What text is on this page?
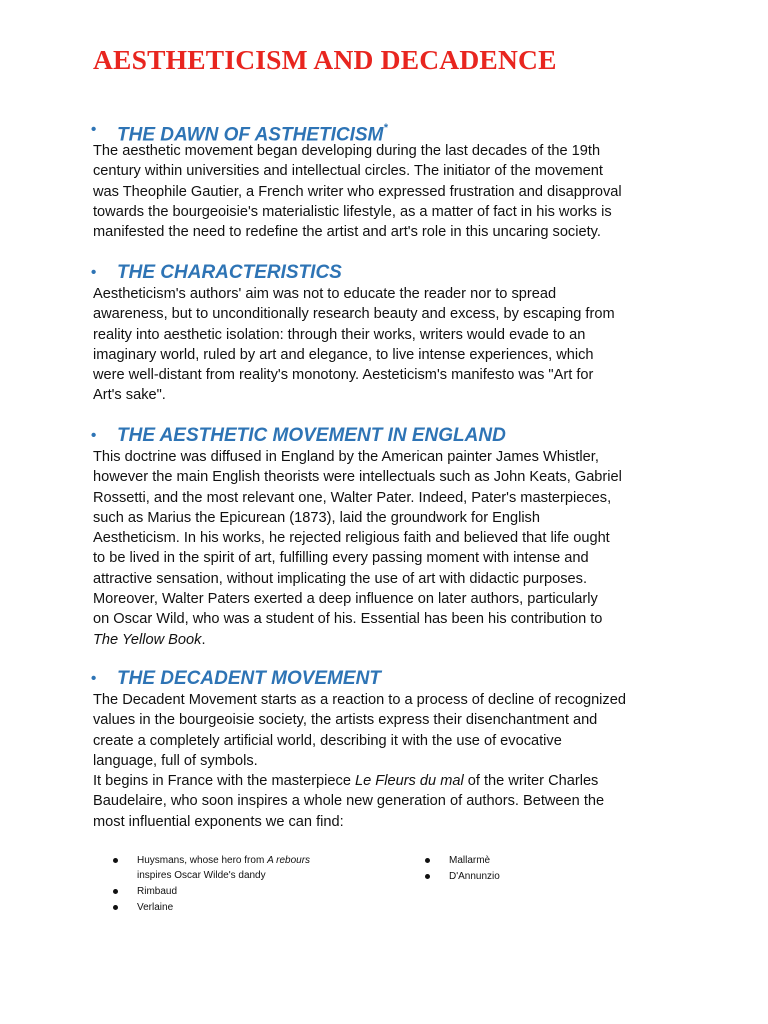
AESTHETICISM AND DECADENCE
• THE DAWN OF ASTHETICISM*

The aesthetic movement began developing during the last decades of the 19th
century within universities and intellectual circles. The initiator of the movement
was Theophile Gautier, a French writer who expressed frustration and disapproval
towards the bourgeoisie's materialistic lifestyle, as a matter of fact in his works is
manifested the need to redefine the artist and art's role in this uncaring society.

• THE CHARACTERISTICS

Aestheticism's authors' aim was not to educate the reader nor to spread
awareness, but to unconditionally research beauty and excess, by escaping from
reality into aesthetic isolation: through their works, writers would evade to an
imaginary world, ruled by art and elegance, to live intense experiences, which
were well-distant from reality's monotony. Aesteticism's manifesto was "Art for
Art's sake".

• THE AESTHETIC MOVEMENT IN ENGLAND

This doctrine was diffused in England by the American painter James Whistler,
however the main English theorists were intellectuals such as John Keats, Gabriel
Rossetti, and the most relevant one, Walter Pater. Indeed, Pater's masterpieces,
such as Marius the Epicurean (1873), laid the groundwork for English
Aestheticism. In his works, he rejected religious faith and believed that life ought
to be lived in the spirit of art, fulfilling every passing moment with intense and
attractive sensation, without implicating the use of art with didactic purposes.
Moreover, Walter Paters exerted a deep influence on later authors, particularly
on Oscar Wild, who was a student of his. Essential has been his contribution to
The Yellow Book.

• THE DECADENT MOVEMENT

The Decadent Movement starts as a reaction to a process of decline of recognized
values in the bourgeoisie society, the artists express their disenchantment and
create a completely artificial world, describing it with the use of evocative
language, full of symbols.
It begins in France with the masterpiece Le Fleurs du mal of the writer Charles
Baudelaire, who soon inspires a whole new generation of authors. Between the
most influential exponents we can find:

Huysmans, whose hero from A rebours
inspires Oscar Wilde's dandy
Rimbaud
Verlaine
Mallarmè
D'Annunzio
